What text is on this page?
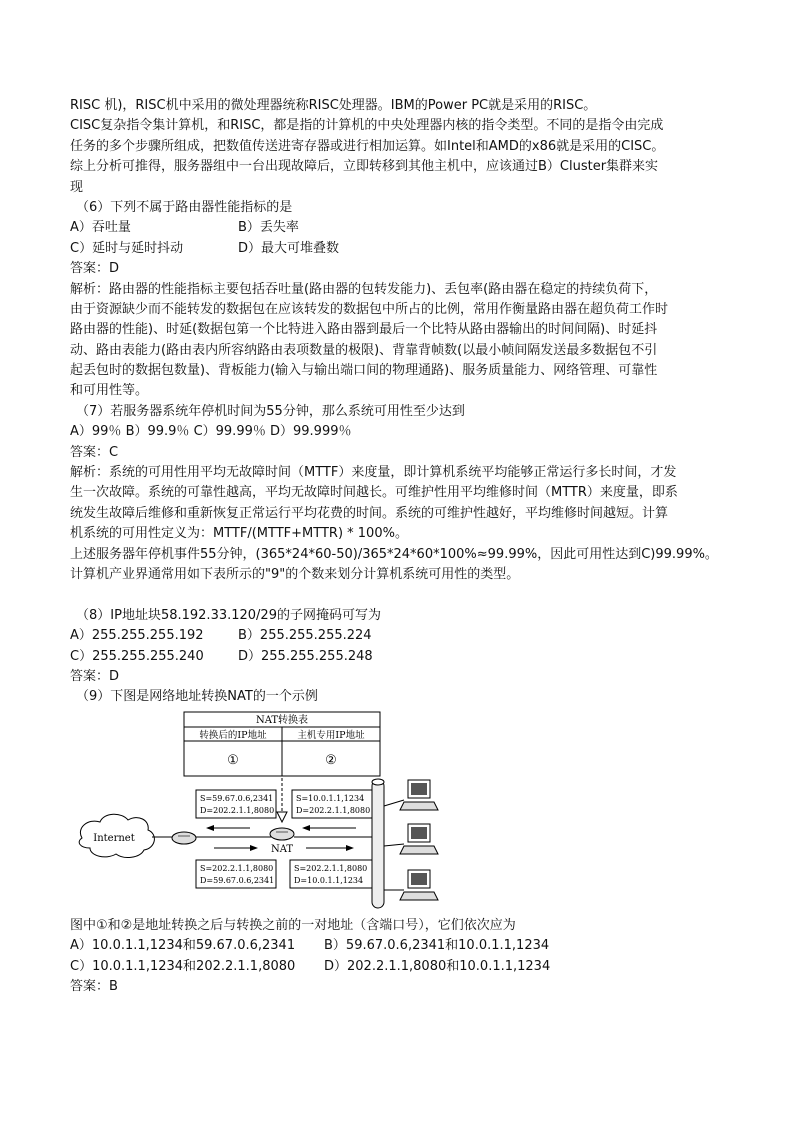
RISC 机)，RISC机中采用的微处理器统称RISC处理器。IBM的Power PC就是采用的RISC。
CISC复杂指令集计算机，和RISC，都是指的计算机的中央处理器内核的指令类型。不同的是指令由完成
任务的多个步骤所组成，把数值传送进寄存器或进行相加运算。如Intel和AMD的x86就是采用的CISC。
综上分析可推得，服务器组中一台出现故障后，立即转移到其他主机中，应该通过B）Cluster集群来实
现
（6）下列不属于路由器性能指标的是
A）吞吐量	B）丢失率
C）延时与延时抖动	D）最大可堆叠数
答案：D
解析：路由器的性能指标主要包括吞吐量(路由器的包转发能力)、丢包率(路由器在稳定的持续负荷下，
由于资源缺少而不能转发的数据包在应该转发的数据包中所占的比例，常用作衡量路由器在超负荷工作时
路由器的性能)、时延(数据包第一个比特进入路由器到最后一个比特从路由器输出的时间间隔)、时延抖
动、路由表能力(路由表内所容纳路由表项数量的极限)、背靠背帧数(以最小帧间隔发送最多数据包不引
起丢包时的数据包数量)、背板能力(输入与输出端口间的物理通路)、服务质量能力、网络管理、可靠性
和可用性等。
（7）若服务器系统年停机时间为55分钟，那么系统可用性至少达到
A）99％ B）99.9％ C）99.99％ D）99.999％
答案：C
解析：系统的可用性用平均无故障时间（MTTF）来度量，即计算机系统平均能够正常运行多长时间，才发
生一次故障。系统的可靠性越高，平均无故障时间越长。可维护性用平均维修时间（MTTR）来度量，即系
统发生故障后维修和重新恢复正常运行平均花费的时间。系统的可维护性越好，平均维修时间越短。计算
机系统的可用性定义为：MTTF/(MTTF+MTTR) * 100%。
上述服务器年停机事件55分钟，(365*24*60-50)/365*24*60*100%≈99.99%，因此可用性达到C)99.99%。
计算机产业界通常用如下表所示的"9"的个数来划分计算机系统可用性的类型。
（8）IP地址块58.192.33.120/29的子网掩码可写为
A）255.255.255.192	B）255.255.255.224
C）255.255.255.240	D）255.255.255.248
答案：D
（9）下图是网络地址转换NAT的一个示例
NAT转换表
转换后的IP地址	主机专用IP地址
①	②
S=59.67.0.6,2341
D=202.2.1.1,8080
S=10.0.1.1,1234
D=202.2.1.1,8080
S=202.2.1.1,8080
D=59.67.0.6,2341
S=202.2.1.1,8080
D=10.0.1.1,1234
Internet
NAT
图中①和②是地址转换之后与转换之前的一对地址（含端口号），它们依次应为
A）10.0.1.1,1234和59.67.0.6,2341	B）59.67.0.6,2341和10.0.1.1,1234
C）10.0.1.1,1234和202.2.1.1,8080	D）202.2.1.1,8080和10.0.1.1,1234
答案：B
